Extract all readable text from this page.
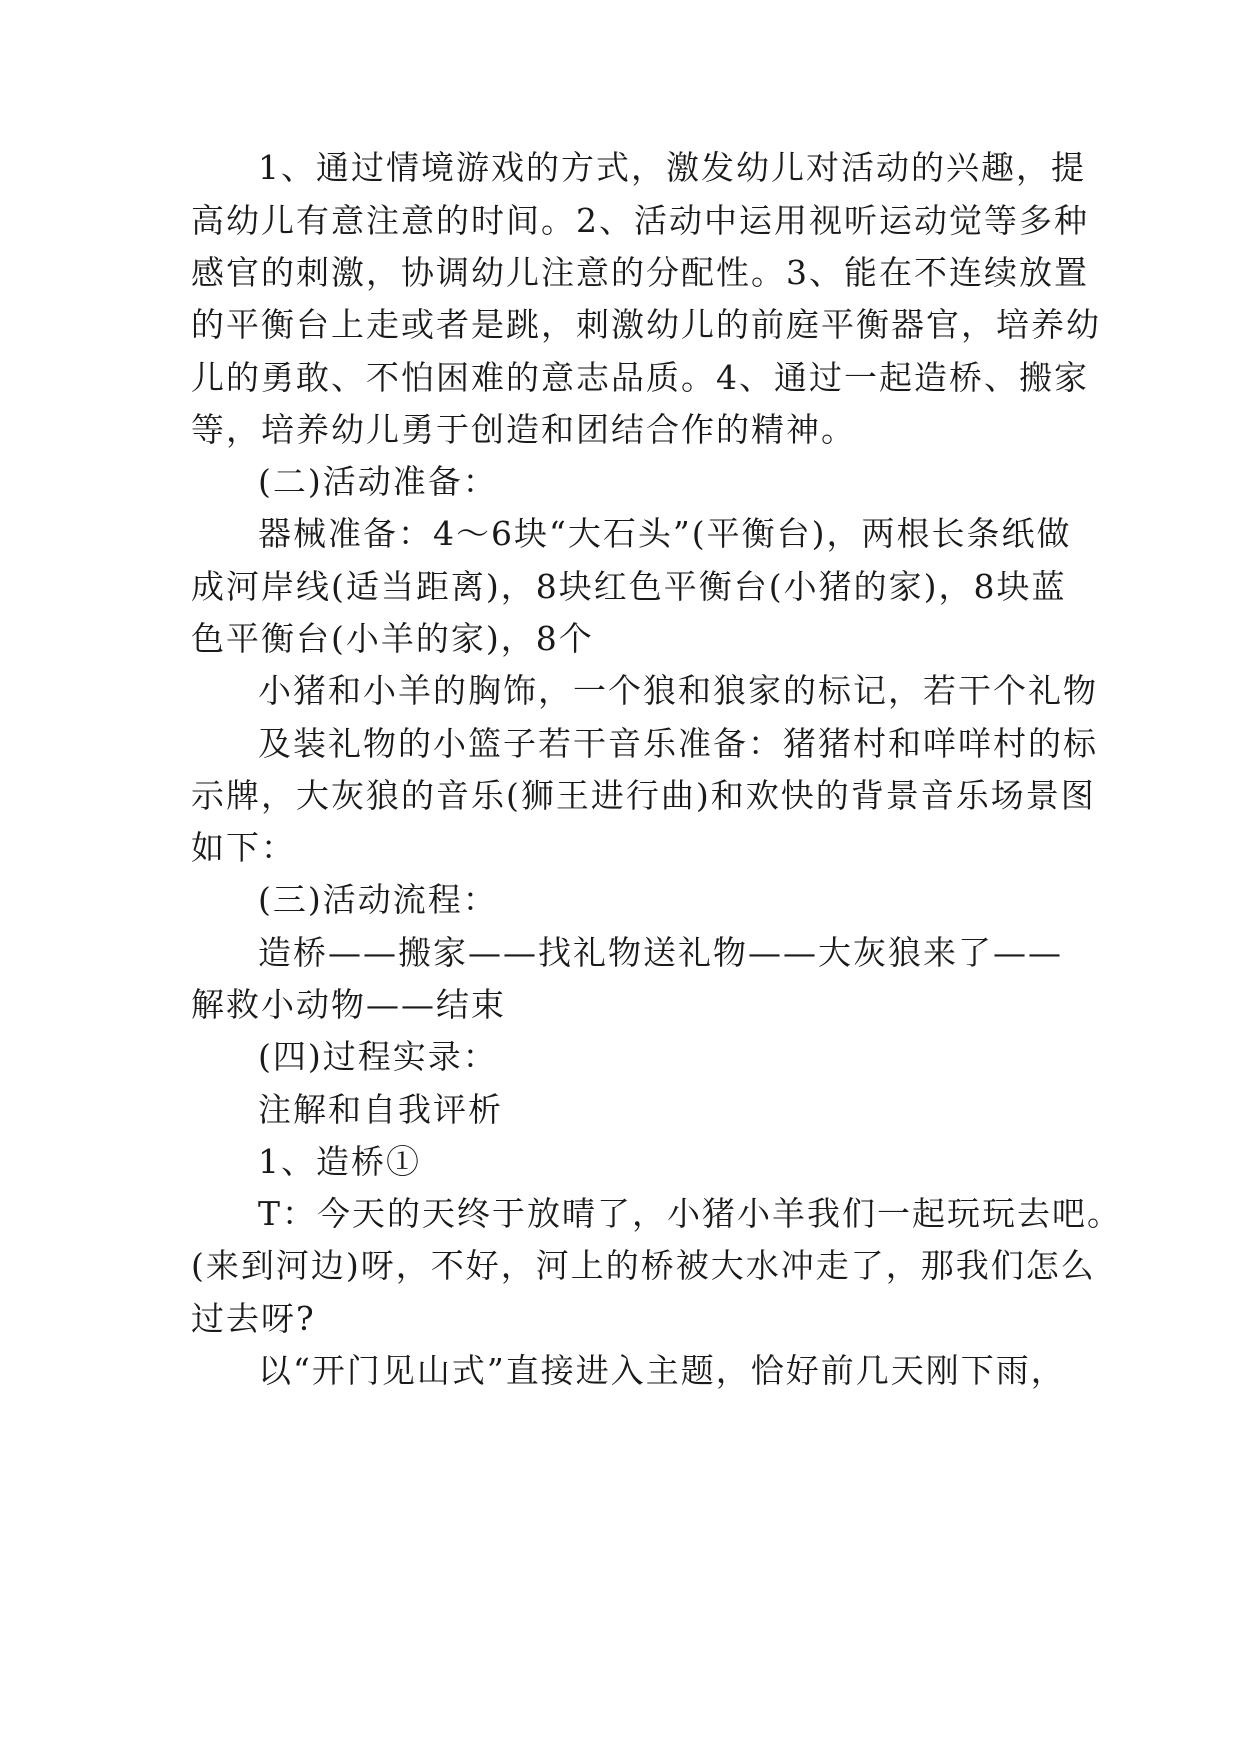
1、通过情境游戏的方式，激发幼儿对活动的兴趣，提
高幼儿有意注意的时间。2、活动中运用视听运动觉等多种
感官的刺激，协调幼儿注意的分配性。3、能在不连续放置
的平衡台上走或者是跳，刺激幼儿的前庭平衡器官，培养幼
儿的勇敢、不怕困难的意志品质。4、通过一起造桥、搬家
等，培养幼儿勇于创造和团结合作的精神。
(二)活动准备：
器械准备：4～6块“大石头”(平衡台)，两根长条纸做
成河岸线(适当距离)，8块红色平衡台(小猪的家)，8块蓝
色平衡台(小羊的家)，8个
小猪和小羊的胸饰，一个狼和狼家的标记，若干个礼物
及装礼物的小篮子若干音乐准备：猪猪村和咩咩村的标
示牌，大灰狼的音乐(狮王进行曲)和欢快的背景音乐场景图
如下：
(三)活动流程：
造桥——搬家——找礼物送礼物——大灰狼来了——
解救小动物——结束
(四)过程实录：
注解和自我评析
1、造桥①
T：今天的天终于放晴了，小猪小羊我们一起玩玩去吧。
(来到河边)呀，不好，河上的桥被大水冲走了，那我们怎么
过去呀?
以“开门见山式”直接进入主题，恰好前几天刚下雨，
